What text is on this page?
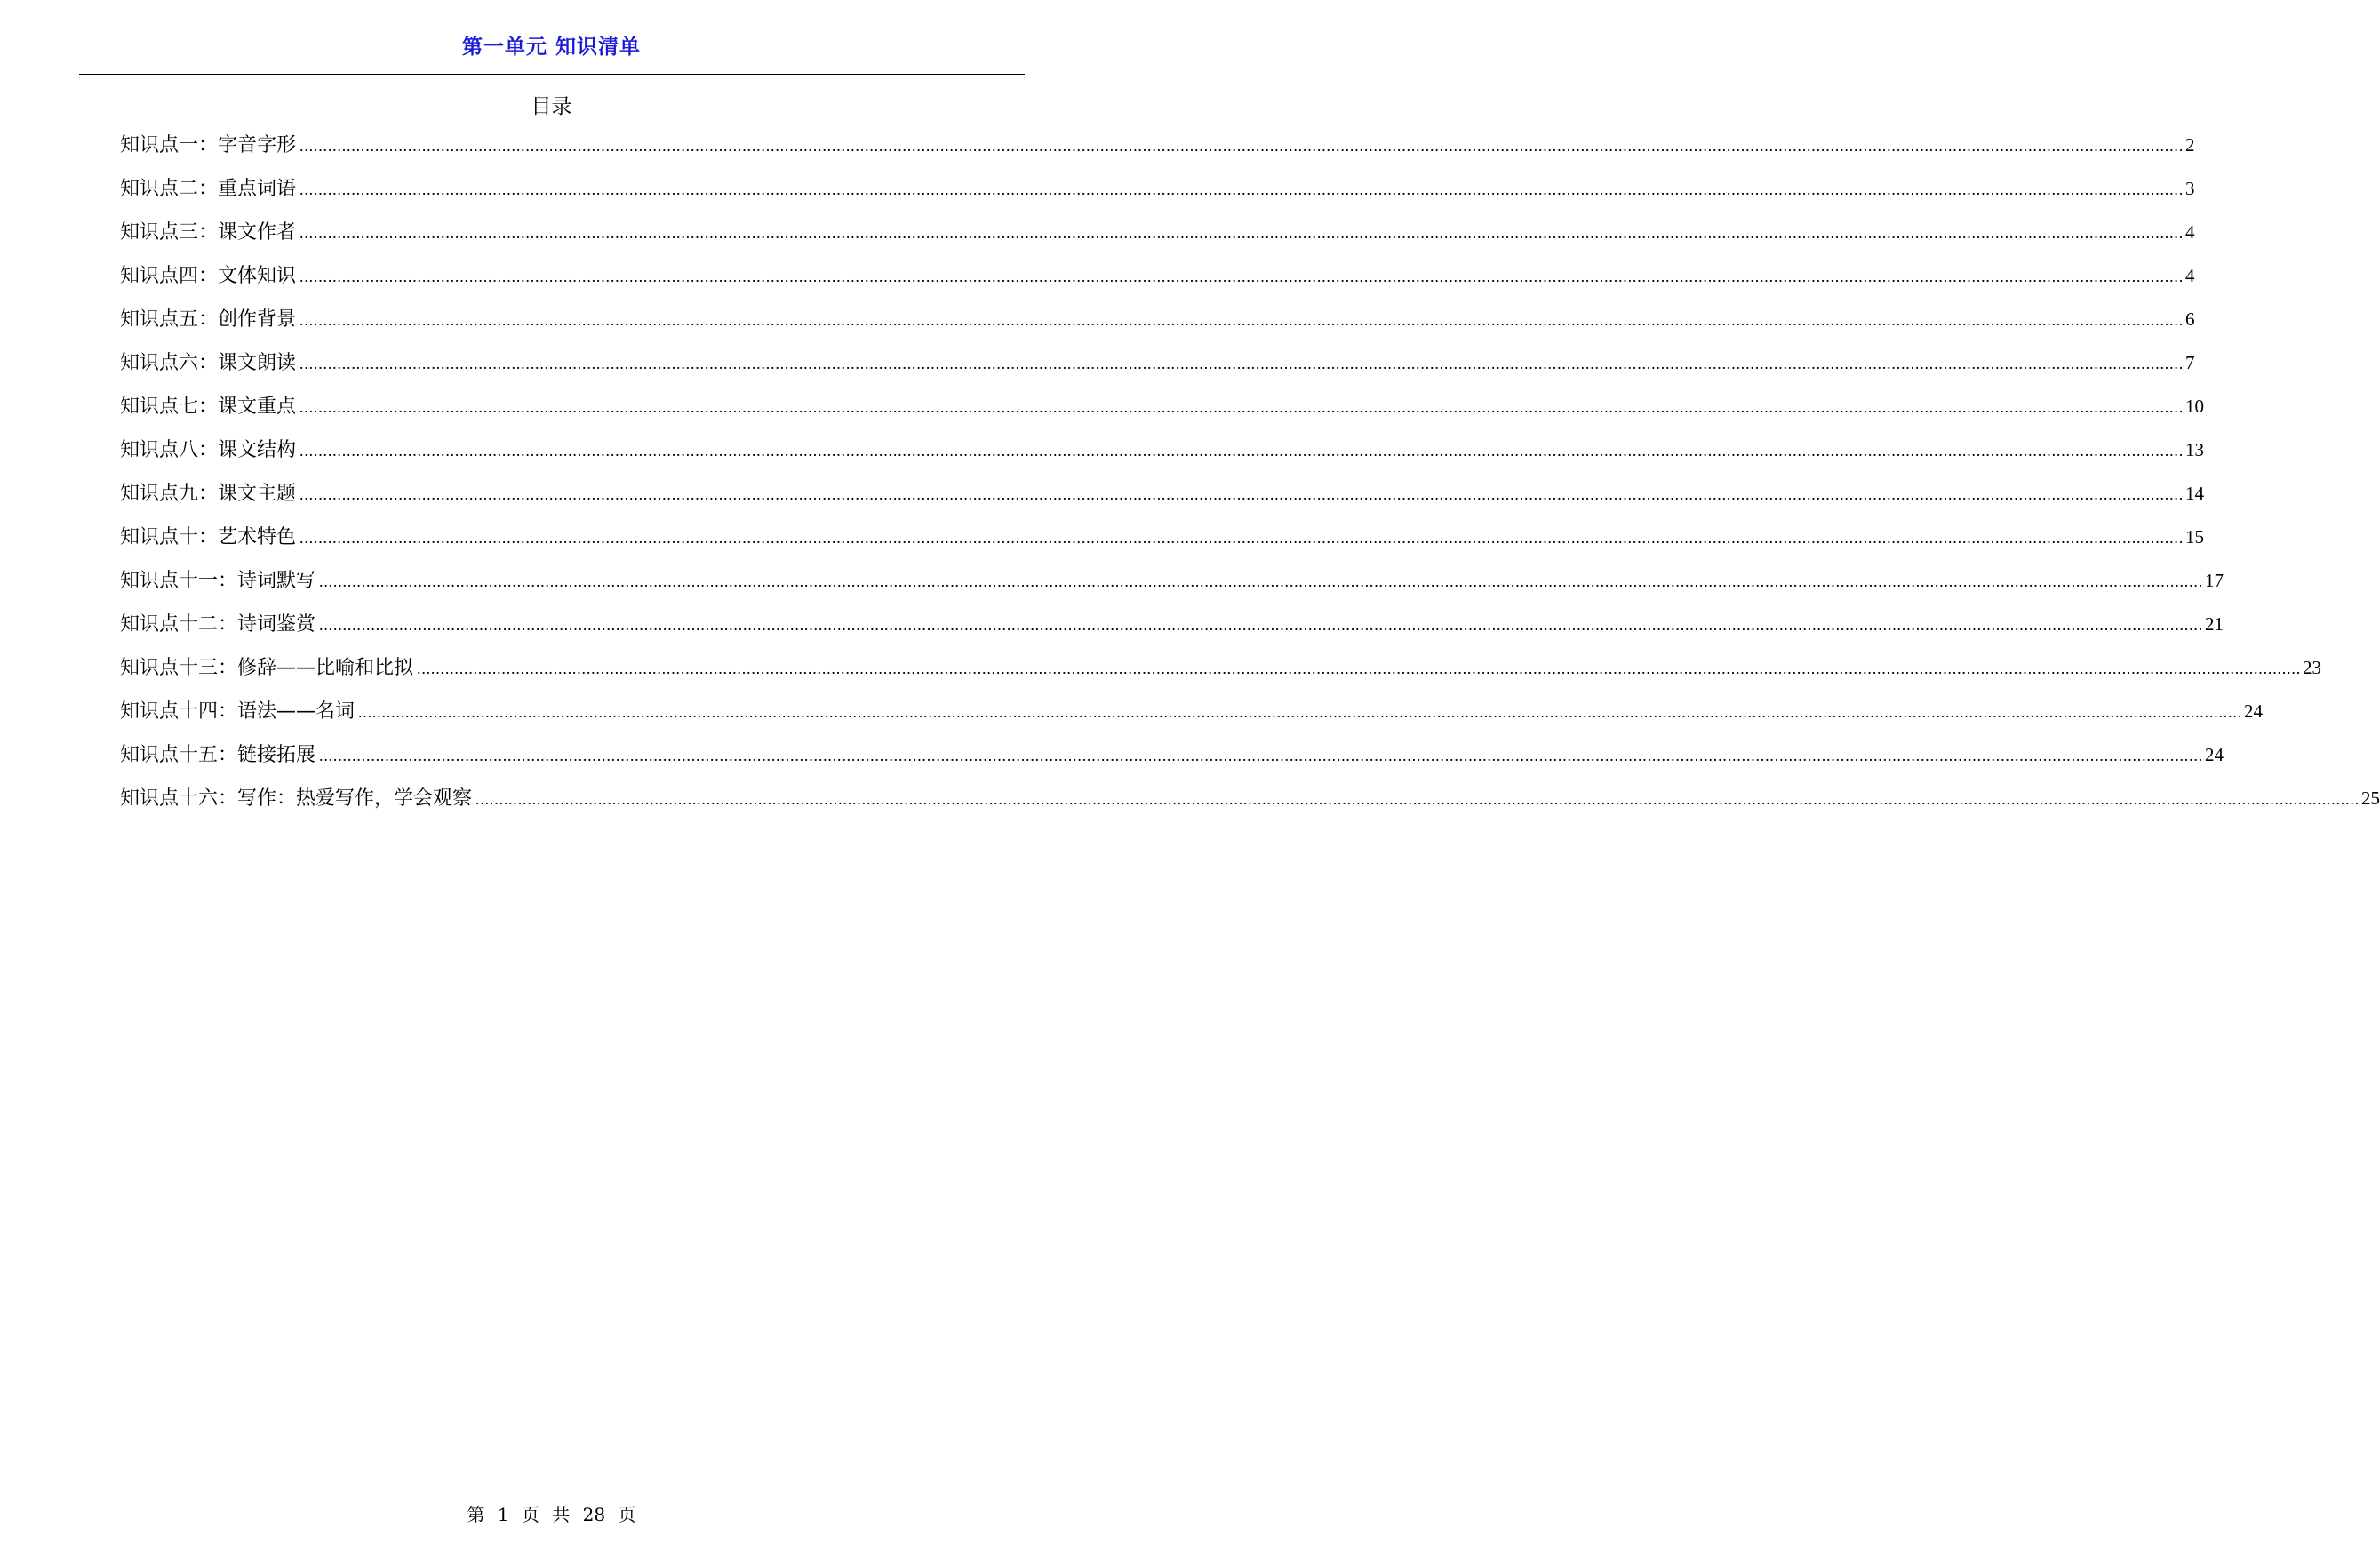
第一单元 知识清单
目录
知识点一：字音字形 ................................................................................................................................................................................................................................................................................................................................................................................................................ 2
知识点二：重点词语 ................................................................................................................................................................................................................................................................................................................................................................................................................ 3
知识点三：课文作者 ................................................................................................................................................................................................................................................................................................................................................................................................................ 4
知识点四：文体知识 ................................................................................................................................................................................................................................................................................................................................................................................................................ 4
知识点五：创作背景 ................................................................................................................................................................................................................................................................................................................................................................................................................ 6
知识点六：课文朗读 ................................................................................................................................................................................................................................................................................................................................................................................................................ 7
知识点七：课文重点 ................................................................................................................................................................................................................................................................................................................................................................................................................ 10
知识点八：课文结构 ................................................................................................................................................................................................................................................................................................................................................................................................................ 13
知识点九：课文主题 ................................................................................................................................................................................................................................................................................................................................................................................................................ 14
知识点十：艺术特色 ................................................................................................................................................................................................................................................................................................................................................................................................................ 15
知识点十一：诗词默写 ................................................................................................................................................................................................................................................................................................................................................................................................................ 17
知识点十二：诗词鉴赏 ................................................................................................................................................................................................................................................................................................................................................................................................................ 21
知识点十三：修辞——比喻和比拟 ................................................................................................................................................................................................................................................................................................................................................................................................................ 23
知识点十四：语法——名词 ................................................................................................................................................................................................................................................................................................................................................................................................................ 24
知识点十五：链接拓展 ................................................................................................................................................................................................................................................................................................................................................................................................................ 24
知识点十六：写作：热爱写作，学会观察 ................................................................................................................................................................................................................................................................................................................................................................................................................ 25
第 1 页 共 28 页
